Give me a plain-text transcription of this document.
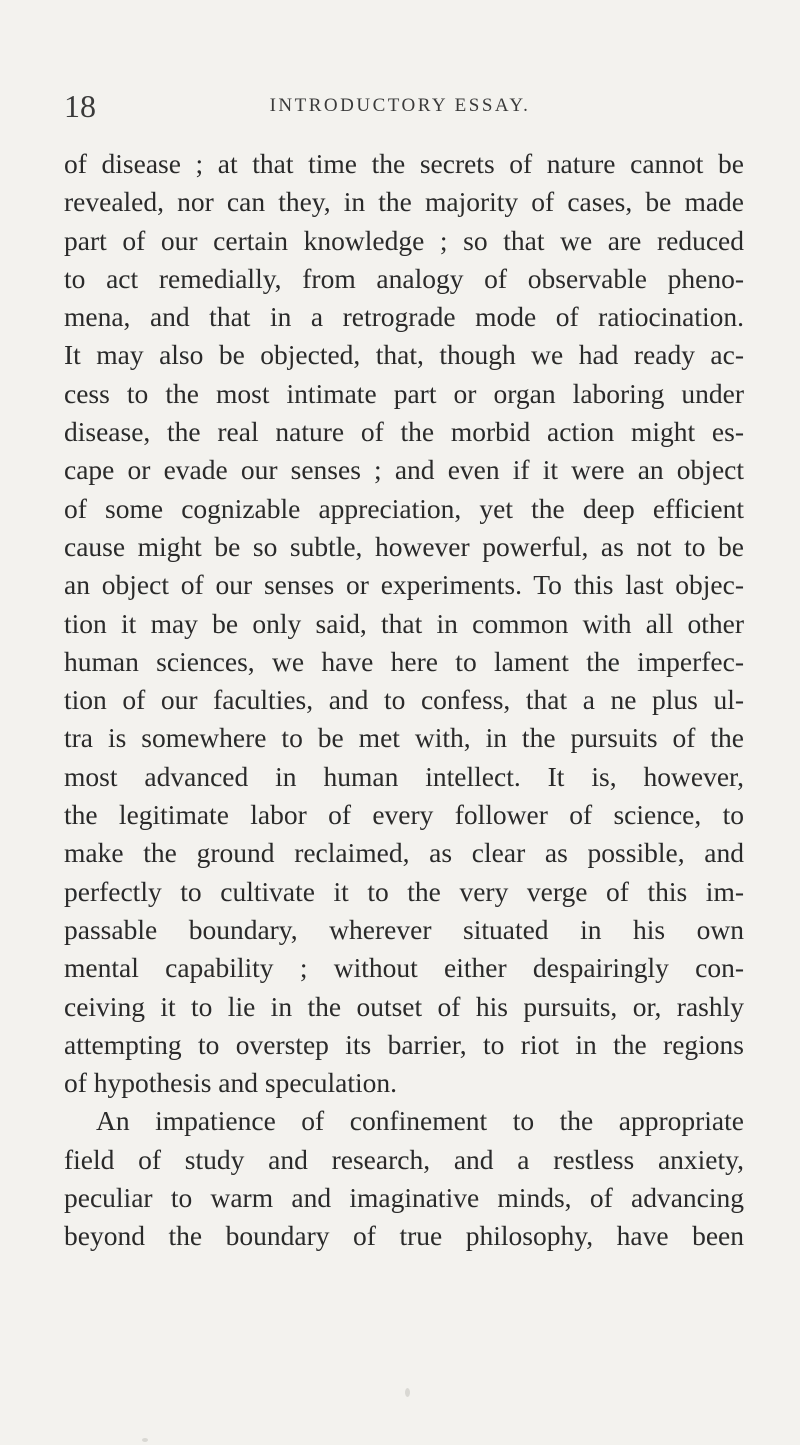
18	INTRODUCTORY ESSAY.
of disease ; at that time the secrets of nature cannot be
revealed, nor can they, in the majority of cases, be made
part of our certain knowledge ; so that we are reduced
to act remedially, from analogy of observable pheno-
mena, and that in a retrograde mode of ratiocination.
It may also be objected, that, though we had ready ac-
cess to the most intimate part or organ laboring under
disease, the real nature of the morbid action might es-
cape or evade our senses ; and even if it were an object
of some cognizable appreciation, yet the deep efficient
cause might be so subtle, however powerful, as not to be
an object of our senses or experiments. To this last objec-
tion it may be only said, that in common with all other
human sciences, we have here to lament the imperfec-
tion of our faculties, and to confess, that a ne plus ul-
tra is somewhere to be met with, in the pursuits of the
most advanced in human intellect. It is, however,
the legitimate labor of every follower of science, to
make the ground reclaimed, as clear as possible, and
perfectly to cultivate it to the very verge of this im-
passable boundary, wherever situated in his own
mental capability ; without either despairingly con-
ceiving it to lie in the outset of his pursuits, or, rashly
attempting to overstep its barrier, to riot in the regions
of hypothesis and speculation.
An impatience of confinement to the appropriate
field of study and research, and a restless anxiety,
peculiar to warm and imaginative minds, of advancing
beyond the boundary of true philosophy, have been
